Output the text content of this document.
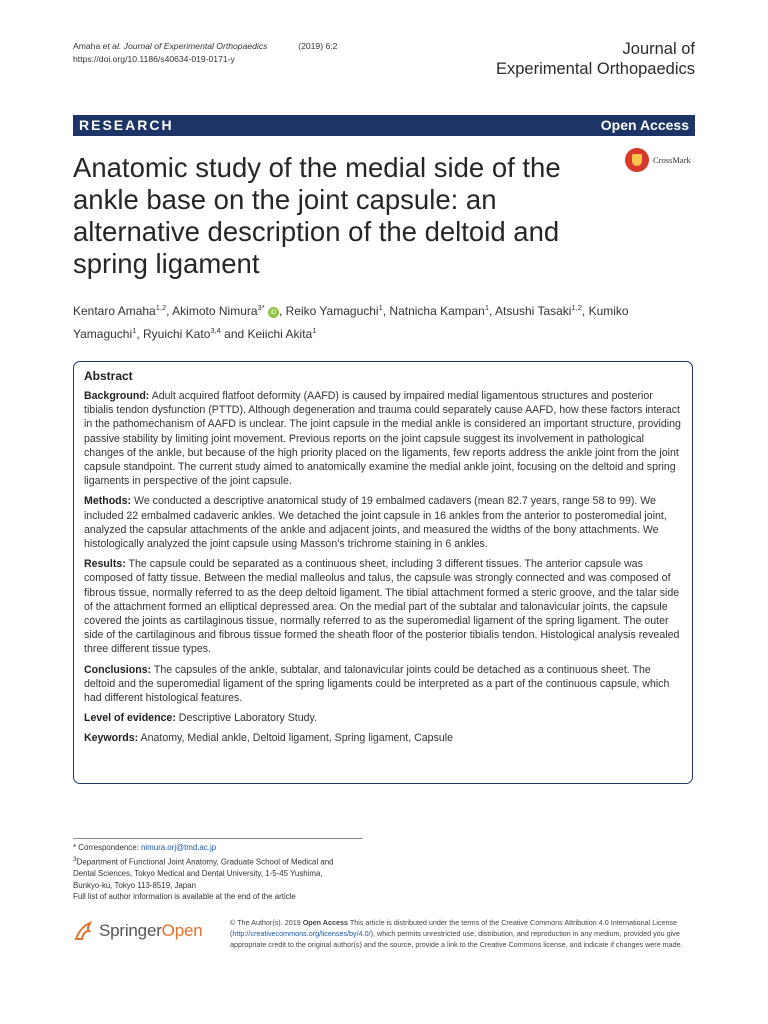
Amaha et al. Journal of Experimental Orthopaedics	(2019) 6:2
https://doi.org/10.1186/s40634-019-0171-y
Journal of
Experimental Orthopaedics
RESEARCH	Open Access
CrossMark
Anatomic study of the medial side of the ankle base on the joint capsule: an alternative description of the deltoid and spring ligament
Kentaro Amaha$^{1,2}$, Akimoto Nimura$^{3*}$ iD , Reiko Yamaguchi$^1$, Natnicha Kampan$^1$, Atsushi Tasaki$^{1,2}$, Kumiko Yamaguchi$^1$, Ryuichi Kato$^{3,4}$ and Keiichi Akita$^1$
Abstract

Background: Adult acquired flatfoot deformity (AAFD) is caused by impaired medial ligamentous structures and posterior tibialis tendon dysfunction (PTTD). Although degeneration and trauma could separately cause AAFD, how these factors interact in the pathomechanism of AAFD is unclear. The joint capsule in the medial ankle is considered an important structure, providing passive stability by limiting joint movement. Previous reports on the joint capsule suggest its involvement in pathological changes of the ankle, but because of the high priority placed on the ligaments, few reports address the ankle joint from the joint capsule standpoint. The current study aimed to anatomically examine the medial ankle joint, focusing on the deltoid and spring ligaments in perspective of the joint capsule.

Methods: We conducted a descriptive anatomical study of 19 embalmed cadavers (mean 82.7 years, range 58 to 99). We included 22 embalmed cadaveric ankles. We detached the joint capsule in 16 ankles from the anterior to posteromedial joint, analyzed the capsular attachments of the ankle and adjacent joints, and measured the widths of the bony attachments. We histologically analyzed the joint capsule using Masson’s trichrome staining in 6 ankles.

Results: The capsule could be separated as a continuous sheet, including 3 different tissues. The anterior capsule was composed of fatty tissue. Between the medial malleolus and talus, the capsule was strongly connected and was composed of fibrous tissue, normally referred to as the deep deltoid ligament. The tibial attachment formed a steric groove, and the talar side of the attachment formed an elliptical depressed area. On the medial part of the subtalar and talonavicular joints, the capsule covered the joints as cartilaginous tissue, normally referred to as the superomedial ligament of the spring ligament. The outer side of the cartilaginous and fibrous tissue formed the sheath floor of the posterior tibialis tendon. Histological analysis revealed three different tissue types.

Conclusions: The capsules of the ankle, subtalar, and talonavicular joints could be detached as a continuous sheet. The deltoid and the superomedial ligament of the spring ligaments could be interpreted as a part of the continuous capsule, which had different histological features.

Level of evidence: Descriptive Laboratory Study.

Keywords: Anatomy, Medial ankle, Deltoid ligament, Spring ligament, Capsule

* Correspondence: nimura.orj@tmd.ac.jp
$^3$Department of Functional Joint Anatomy, Graduate School of Medical and
Dental Sciences, Tokyo Medical and Dental University, 1-5-45 Yushima,
Bunkyo-ku, Tokyo 113-8519, Japan
Full list of author information is available at the end of the article
SpringerOpen	© The Author(s). 2019 Open Access This article is distributed under the terms of the Creative Commons Attribution 4.0 International License (http://creativecommons.org/licenses/by/4.0/), which permits unrestricted use, distribution, and reproduction in any medium, provided you give appropriate credit to the original author(s) and the source, provide a link to the Creative Commons license, and indicate if changes were made.
